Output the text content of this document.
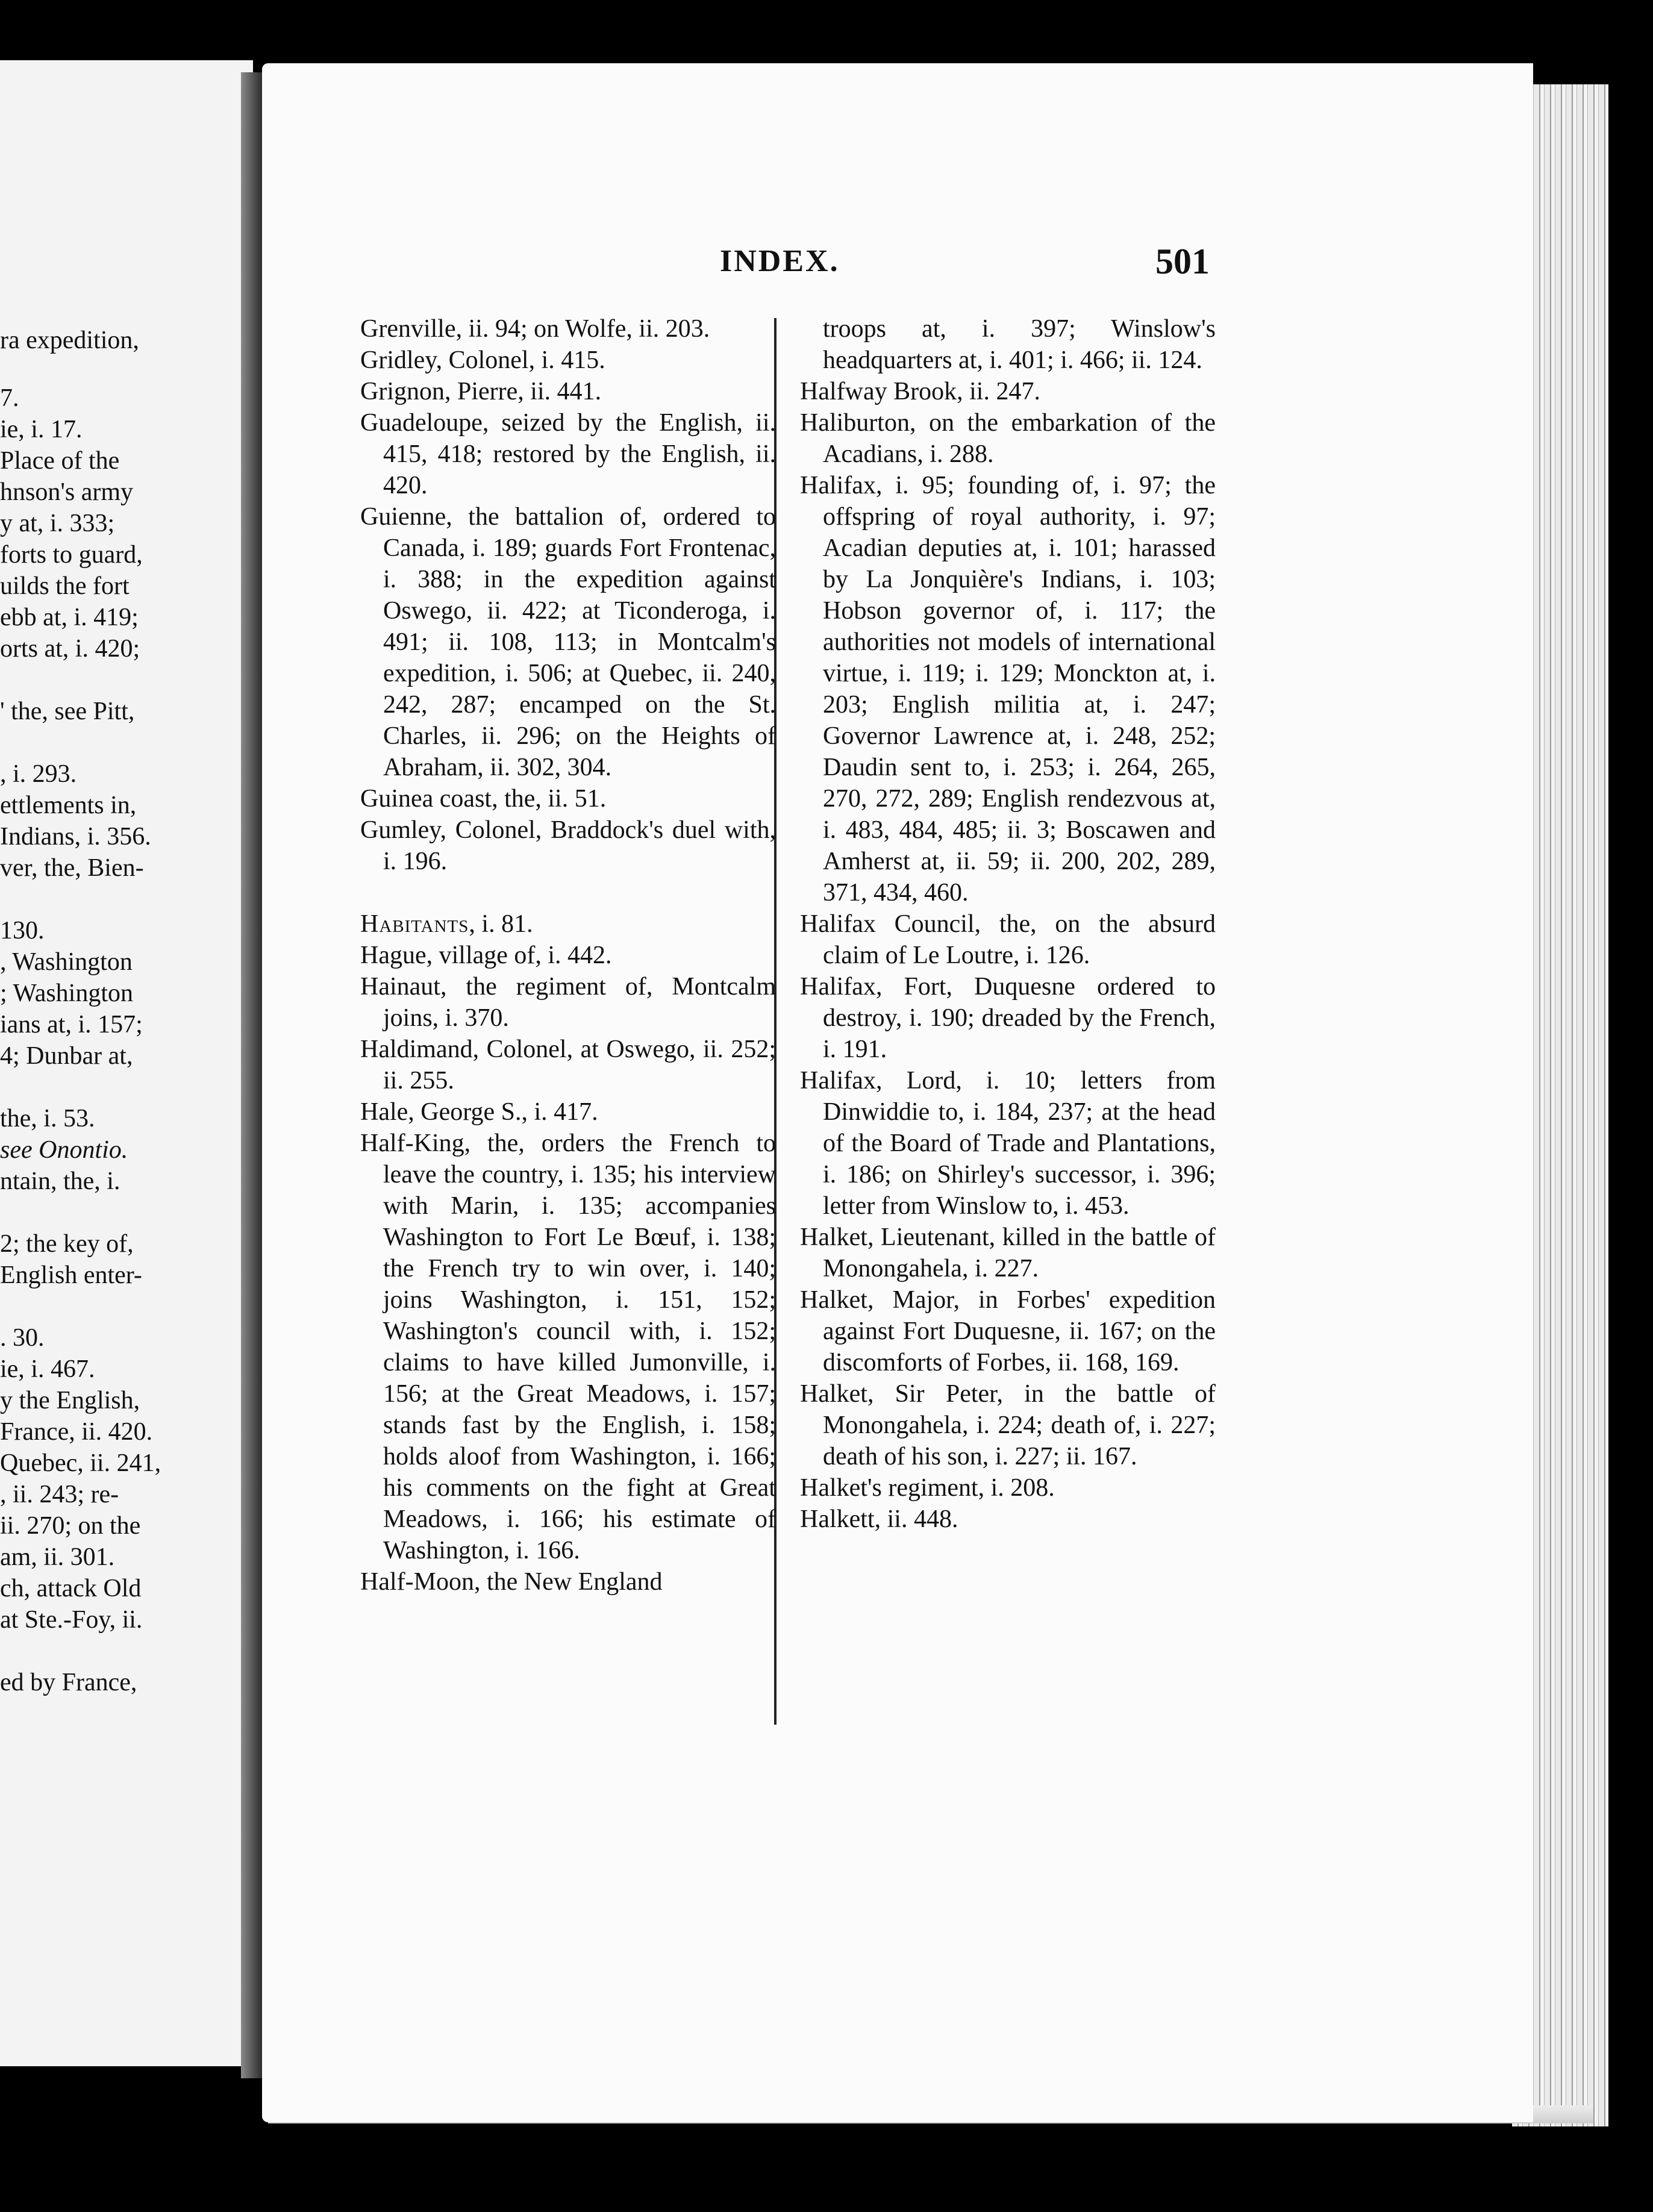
ra expedition,
7.
ie, i. 17.
Place of the
hnson's army
y at, i. 333;
forts to guard,
uilds the fort
ebb at, i. 419;
orts at, i. 420;
' the, see Pitt,
, i. 293.
ettlements in,
Indians, i. 356.
ver, the, Bien-
130.
, Washington
; Washington
ians at, i. 157;
4; Dunbar at,
the, i. 53.
see Onontio.
ntain, the, i.
2; the key of,
English enter-
. 30.
ie, i. 467.
y the English,
France, ii. 420.
Quebec, ii. 241,
, ii. 243; re-
ii. 270; on the
am, ii. 301.
ch, attack Old
at Ste.-Foy, ii.
ed by France,
INDEX.	501
Grenville, ii. 94; on Wolfe, ii. 203.
Gridley, Colonel, i. 415.
Grignon, Pierre, ii. 441.
Guadeloupe, seized by the English, ii. 415, 418; restored by the English, ii. 420.
Guienne, the battalion of, ordered to Canada, i. 189; guards Fort Frontenac, i. 388; in the expedition against Oswego, ii. 422; at Ticonderoga, i. 491; ii. 108, 113; in Montcalm's expedition, i. 506; at Quebec, ii. 240, 242, 287; encamped on the St. Charles, ii. 296; on the Heights of Abraham, ii. 302, 304.
Guinea coast, the, ii. 51.
Gumley, Colonel, Braddock's duel with, i. 196.
Habitants, i. 81.
Hague, village of, i. 442.
Hainaut, the regiment of, Montcalm joins, i. 370.
Haldimand, Colonel, at Oswego, ii. 252; ii. 255.
Hale, George S., i. 417.
Half-King, the, orders the French to leave the country, i. 135; his interview with Marin, i. 135; accompanies Washington to Fort Le Bœuf, i. 138; the French try to win over, i. 140; joins Washington, i. 151, 152; Washington's council with, i. 152; claims to have killed Jumonville, i. 156; at the Great Meadows, i. 157; stands fast by the English, i. 158; holds aloof from Washington, i. 166; his comments on the fight at Great Meadows, i. 166; his estimate of Washington, i. 166.
Half-Moon, the New England
troops at, i. 397; Winslow's headquarters at, i. 401; i. 466; ii. 124.
Halfway Brook, ii. 247.
Haliburton, on the embarkation of the Acadians, i. 288.
Halifax, i. 95; founding of, i. 97; the offspring of royal authority, i. 97; Acadian deputies at, i. 101; harassed by La Jonquière's Indians, i. 103; Hobson governor of, i. 117; the authorities not models of international virtue, i. 119; i. 129; Monckton at, i. 203; English militia at, i. 247; Governor Lawrence at, i. 248, 252; Daudin sent to, i. 253; i. 264, 265, 270, 272, 289; English rendezvous at, i. 483, 484, 485; ii. 3; Boscawen and Amherst at, ii. 59; ii. 200, 202, 289, 371, 434, 460.
Halifax Council, the, on the absurd claim of Le Loutre, i. 126.
Halifax, Fort, Duquesne ordered to destroy, i. 190; dreaded by the French, i. 191.
Halifax, Lord, i. 10; letters from Dinwiddie to, i. 184, 237; at the head of the Board of Trade and Plantations, i. 186; on Shirley's successor, i. 396; letter from Winslow to, i. 453.
Halket, Lieutenant, killed in the battle of Monongahela, i. 227.
Halket, Major, in Forbes' expedition against Fort Duquesne, ii. 167; on the discomforts of Forbes, ii. 168, 169.
Halket, Sir Peter, in the battle of Monongahela, i. 224; death of, i. 227; death of his son, i. 227; ii. 167.
Halket's regiment, i. 208.
Halkett, ii. 448.
